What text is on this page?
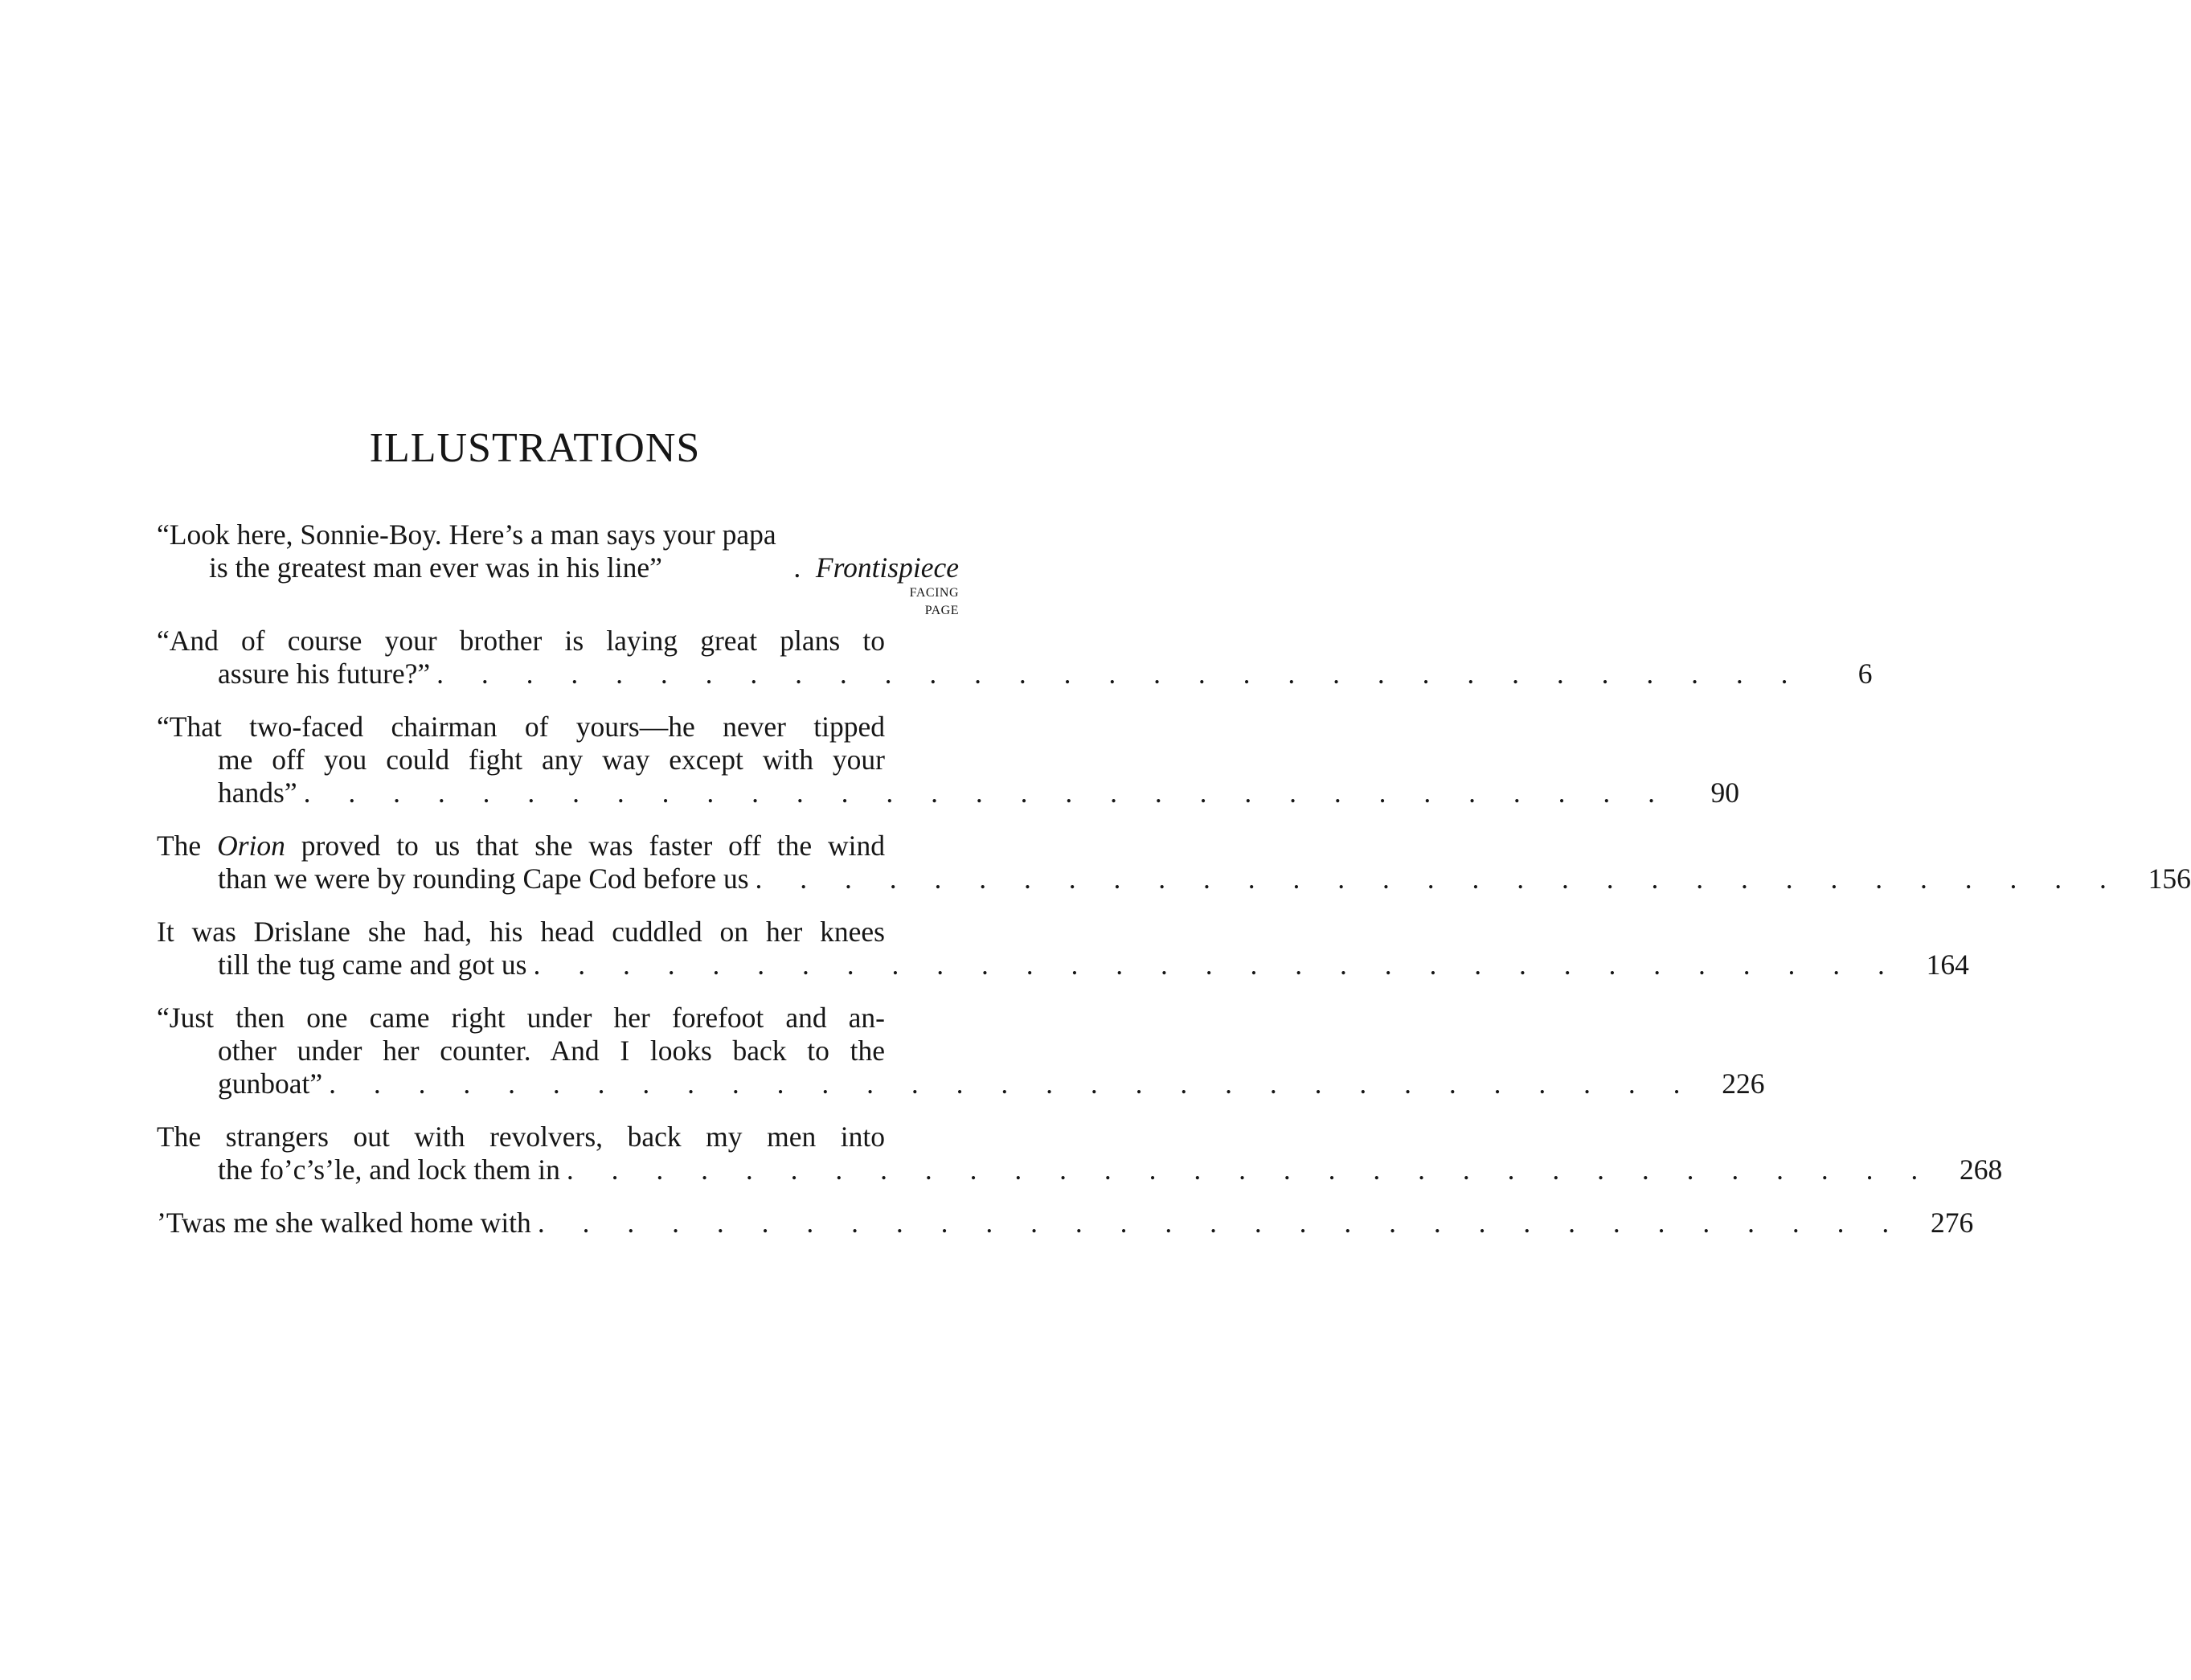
ILLUSTRATIONS
“Look here, Sonnie-Boy. Here’s a man says your papa
is the greatest man ever was in his line”	.  Frontispiece
FACING
PAGE
“And of course your brother is laying great plans to
assure his future?” . . . . . . . . . . . . . . . . . . . . . . . . . . . . . . .	6
“That two-faced chairman of yours—he never tipped
me off you could fight any way except with your
hands” . . . . . . . . . . . . . . . . . . . . . . . . . . . . . . .	90
The Orion proved to us that she was faster off the wind
than we were by rounding Cape Cod before us . . . . . . . . . . . . . . . . . . . . . . . . . . . . . . . 156
It was Drislane she had, his head cuddled on her knees
till the tug came and got us . . . . . . . . . . . . . . . . . . . . . . . . . . . . . . . 164
“Just then one came right under her forefoot and an-
other under her counter. And I looks back to the
gunboat” . . . . . . . . . . . . . . . . . . . . . . . . . . . . . . . 226
The strangers out with revolvers, back my men into
the fo’c’s’le, and lock them in . . . . . . . . . . . . . . . . . . . . . . . . . . . . . . . 268
’Twas me she walked home with . . . . . . . . . . . . . . . . . . . . . . . . . . . . . . . 276
